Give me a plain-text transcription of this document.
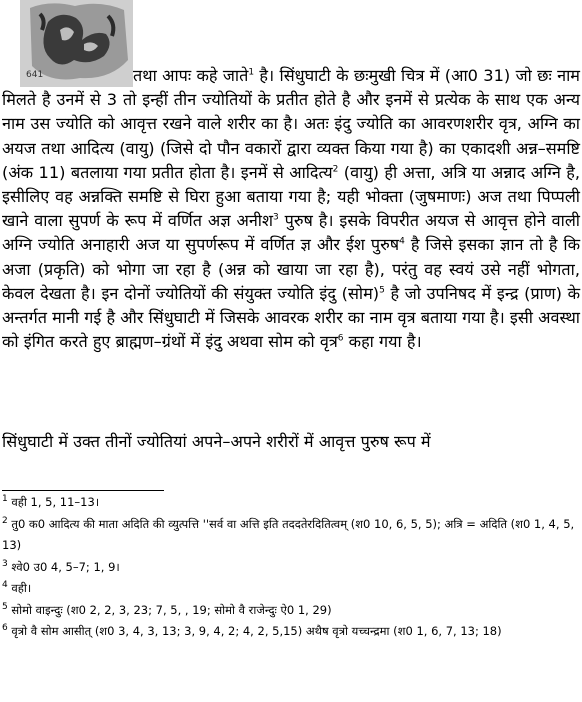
641	तथा आपः कहे जाते$^1$ है। सिंधुघाटी के छःमुखी चित्र में (आ0 31) जो छः नाम मिलते है उनमें से 3 तो इन्हीं तीन ज्योतियों के प्रतीत होते है और इनमें से प्रत्येक के साथ एक अन्य नाम उस ज्योति को आवृत्त रखने वाले शरीर का है। अतः इंदु ज्योति का आवरणशरीर वृत्र, अग्नि का अयज तथा आदित्य (वायु) (जिसे दो पौन वकारों द्वारा व्यक्त किया गया है) का एकादशी अन्न–समष्टि (अंक 11) बतलाया गया प्रतीत होता है। इनमें से आदित्य$^2$ (वायु) ही अत्ता, अत्रि या अन्नाद अग्नि है, इसीलिए वह अन्नक्ति समष्टि से घिरा हुआ बताया गया है; यही भोक्ता (जुषमाणः) अज तथा पिप्पली खाने वाला सुपर्ण के रूप में वर्णित अज्ञ अनीश$^3$ पुरुष है। इसके विपरीत अयज से आवृत्त होने वाली अग्नि ज्योति अनाहारी अज या सुपर्णरूप में वर्णित ज्ञ और ईश पुरुष$^4$ है जिसे इसका ज्ञान तो है कि अजा (प्रकृति) को भोगा जा रहा है (अन्न को खाया जा रहा है), परंतु वह स्वयं उसे नहीं भोगता, केवल देखता है। इन दोनों ज्योतियों की संयुक्त ज्योति इंदु (सोम)$^5$ है जो उपनिषद में इन्द्र (प्राण) के अन्तर्गत मानी गई है और सिंधुघाटी में जिसके आवरक शरीर का नाम वृत्र बताया गया है। इसी अवस्था को इंगित करते हुए ब्राह्मण–ग्रंथों में इंदु अथवा सोम को वृत्र$^6$ कहा गया है।
सिंधुघाटी में उक्त तीनों ज्योतियां अपने–अपने शरीरों में आवृत्त पुरुष रूप में

$^1$ वही 1, 5, 11–13।

$^2$ तु0 क0 आदित्य की माता अदिति की व्युत्पत्ति ''सर्व वा अत्ति इति तददतेरदितित्वम् (श0 10, 6, 5, 5); अत्रि = अदिति (श0 1, 4, 5, 13)

$^3$ श्वे0 उ0 4, 5–7; 1, 9।

$^4$ वही।

$^5$ सोमो वाइन्दुः (श0 2, 2, 3, 23; 7, 5, , 19; सोमो वै राजेन्दुः ऐ0 1, 29)

$^6$ वृत्रो वै सोम आसीत् (श0 3, 4, 3, 13; 3, 9, 4, 2; 4, 2, 5,15) अथैष वृत्रो यच्चन्द्रमा (श0 1, 6, 7, 13; 18)
